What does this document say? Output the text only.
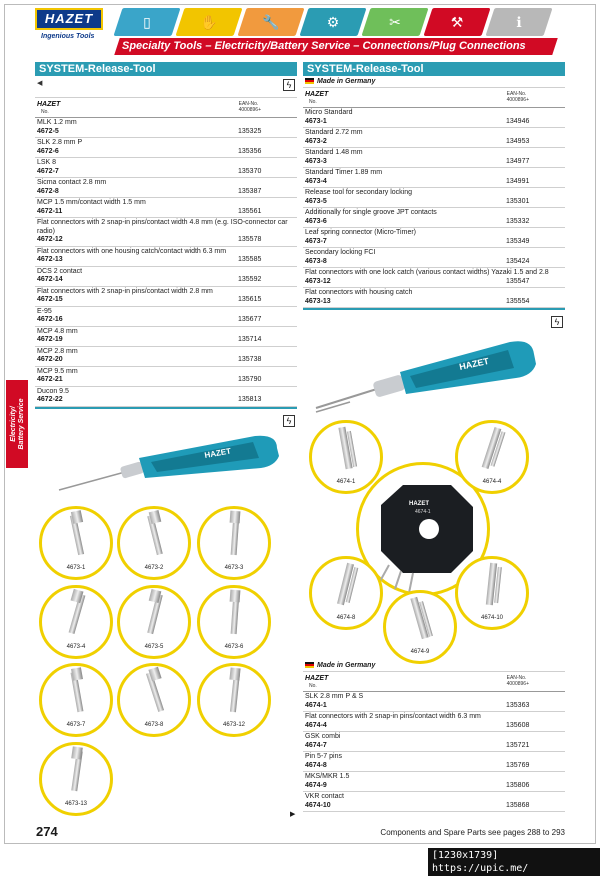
HAZET
Ingenious Tools
▯	✋	🔧	⚙	✂	⚒	ℹ
Specialty Tools – Electricity/Battery Service – Connections/Plug Connections
Electricity/ Battery Service
SYSTEM-Release-Tool
◀	ϟ
HAZET
No.
EAN-No.
4000896+
MLK 1.2 mm
4672-5	135325
SLK 2.8 mm P
4672-6	135356
LSK 8
4672-7	135370
Sicma contact 2.8 mm
4672-8	135387
MCP 1.5 mm/contact width 1.5 mm
4672-11	135561
Flat connectors with 2 snap-in pins/contact width 4.8 mm (e.g. ISO-connector car radio)
4672-12	135578
Flat connectors with one housing catch/contact width 6.3 mm
4672-13	135585
DCS 2 contact
4672-14	135592
Flat connectors with 2 snap-in pins/contact width 2.8 mm
4672-15	135615
E-95
4672-16	135677
MCP 4.8 mm
4672-19	135714
MCP 2.8 mm
4672-20	135738
MCP 9.5 mm
4672-21	135790
Ducon 9.5
4672-22	135813
ϟ
HAZET
4673-1	4673-2	4673-3
4673-4	4673-5	4673-6
4673-7	4673-8	4673-12
4673-13
SYSTEM-Release-Tool
Made in Germany
HAZET
No.
EAN-No.
4000896+
Micro Standard
4673-1	134946
Standard 2.72 mm
4673-2	134953
Standard 1.48 mm
4673-3	134977
Standard Timer 1.89 mm
4673-4	134991
Release tool for secondary locking
4673-5	135301
Additionally for single groove JPT contacts
4673-6	135332
Leaf spring connector (Micro-Timer)
4673-7	135349
Secondary locking FCI
4673-8	135424
Flat connectors with one lock catch (various contact widths) Yazaki 1.5 and 2.8
4673-12	135547
Flat connectors with housing catch
4673-13	135554
ϟ
HAZET
HAZET
4674-1
4674-1	4674-4
4674-8
4674-9
4674-10
Made in Germany
HAZET
No.
EAN-No.
4000896+
SLK 2.8 mm P & S
4674-1	135363
Flat connectors with 2 snap-in pins/contact width 6.3 mm
4674-4	135608
GSK combi
4674-7	135721
Pin 5-7 pins
4674-8	135769
MKS/MKR 1.5
4674-9	135806
VKR contact
4674-10	135868
▶
274	Components and Spare Parts see pages 288 to 293
[1230x1739] https://upic.me/
